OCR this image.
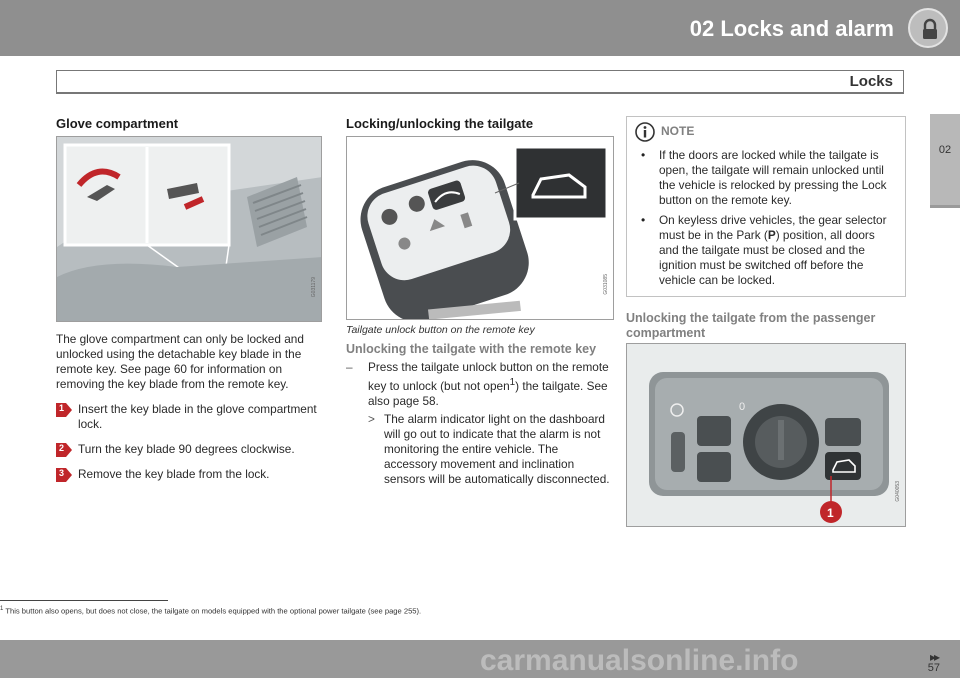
02 Locks and alarm
Locks
02
Glove compartment
G031179

The glove compartment can only be locked and unlocked using the detachable key blade in the remote key. See page 60 for information on removing the key blade from the remote key.

1 Insert the key blade in the glove compartment lock.

2 Turn the key blade 90 degrees clockwise.

3 Remove the key blade from the lock.

Locking/unlocking the tailgate
G031085
Tailgate unlock button on the remote key
Unlocking the tailgate with the remote key
– Press the tailgate unlock button on the remote key to unlock (but not open$^1$) the tailgate. See also page 58.

> The alarm indicator light on the dashboard will go out to indicate that the alarm is not monitoring the entire vehicle. The accessory movement and inclination sensors will be automatically disconnected.

NOTE
• If the doors are locked while the tailgate is open, the tailgate will remain unlocked until the vehicle is relocked by pressing the Lock button on the remote key.

• On keyless drive vehicles, the gear selector must be in the Park (P) position, all doors and the tailgate must be closed and the ignition must be switched off before the vehicle can be locked.

Unlocking the tailgate from the passenger compartment
0
1
G040053
$^1$ This button also opens, but does not close, the tailgate on models equipped with the optional power tailgate (see page 255).
carmanualsonline.info	▸▸
57
